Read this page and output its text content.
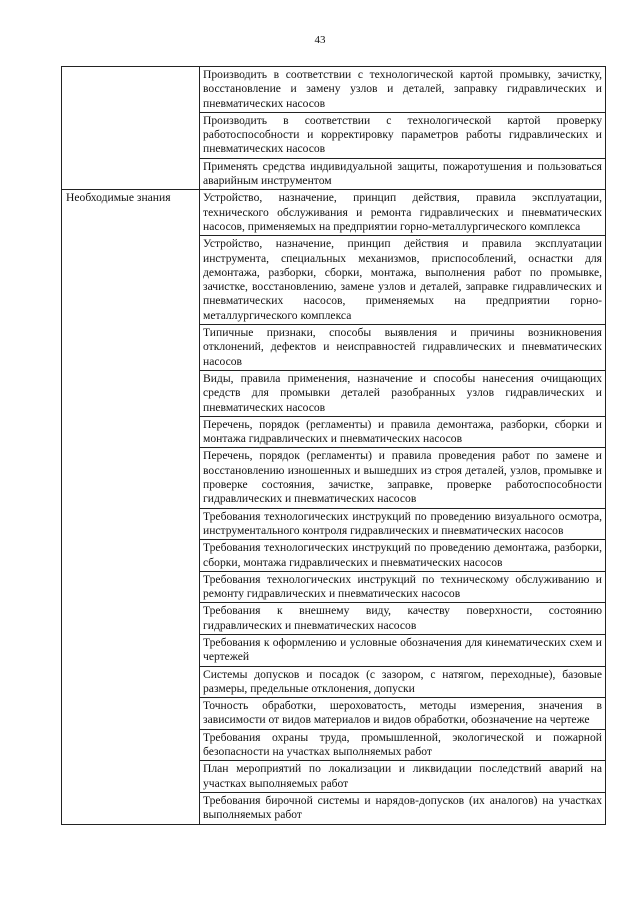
43
	Производить в соответствии с технологической картой промывку, зачистку, восстановление и замену узлов и деталей, заправку гидравлических и пневматических насосов
	Производить в соответствии с технологической картой проверку работоспособности и корректировку параметров работы гидравлических и пневматических насосов
	Применять средства индивидуальной защиты, пожаротушения и пользоваться аварийным инструментом

Необходимые знания	Устройство, назначение, принцип действия, правила эксплуатации, технического обслуживания и ремонта гидравлических и пневматических насосов, применяемых на предприятии горно-металлургического комплекса
	Устройство, назначение, принцип действия и правила эксплуатации инструмента, специальных механизмов, приспособлений, оснастки для демонтажа, разборки, сборки, монтажа, выполнения работ по промывке, зачистке, восстановлению, замене узлов и деталей, заправке гидравлических и пневматических насосов, применяемых на предприятии горно-металлургического комплекса
	Типичные признаки, способы выявления и причины возникновения отклонений, дефектов и неисправностей гидравлических и пневматических насосов
	Виды, правила применения, назначение и способы нанесения очищающих средств для промывки деталей разобранных узлов гидравлических и пневматических насосов
	Перечень, порядок (регламенты) и правила демонтажа, разборки, сборки и монтажа гидравлических и пневматических насосов
	Перечень, порядок (регламенты) и правила проведения работ по замене и восстановлению изношенных и вышедших из строя деталей, узлов, промывке и проверке состояния, зачистке, заправке, проверке работоспособности гидравлических и пневматических насосов
	Требования технологических инструкций по проведению визуального осмотра, инструментального контроля гидравлических и пневматических насосов
	Требования технологических инструкций по проведению демонтажа, разборки, сборки, монтажа гидравлических и пневматических насосов
	Требования технологических инструкций по техническому обслуживанию и ремонту гидравлических и пневматических насосов
	Требования к внешнему виду, качеству поверхности, состоянию гидравлических и пневматических насосов
	Требования к оформлению и условные обозначения для кинематических схем и чертежей
	Системы допусков и посадок (с зазором, с натягом, переходные), базовые размеры, предельные отклонения, допуски
	Точность обработки, шероховатость, методы измерения, значения в зависимости от видов материалов и видов обработки, обозначение на чертеже
	Требования охраны труда, промышленной, экологической и пожарной безопасности на участках выполняемых работ
	План мероприятий по локализации и ликвидации последствий аварий на участках выполняемых работ
	Требования бирочной системы и нарядов-допусков (их аналогов) на участках выполняемых работ
